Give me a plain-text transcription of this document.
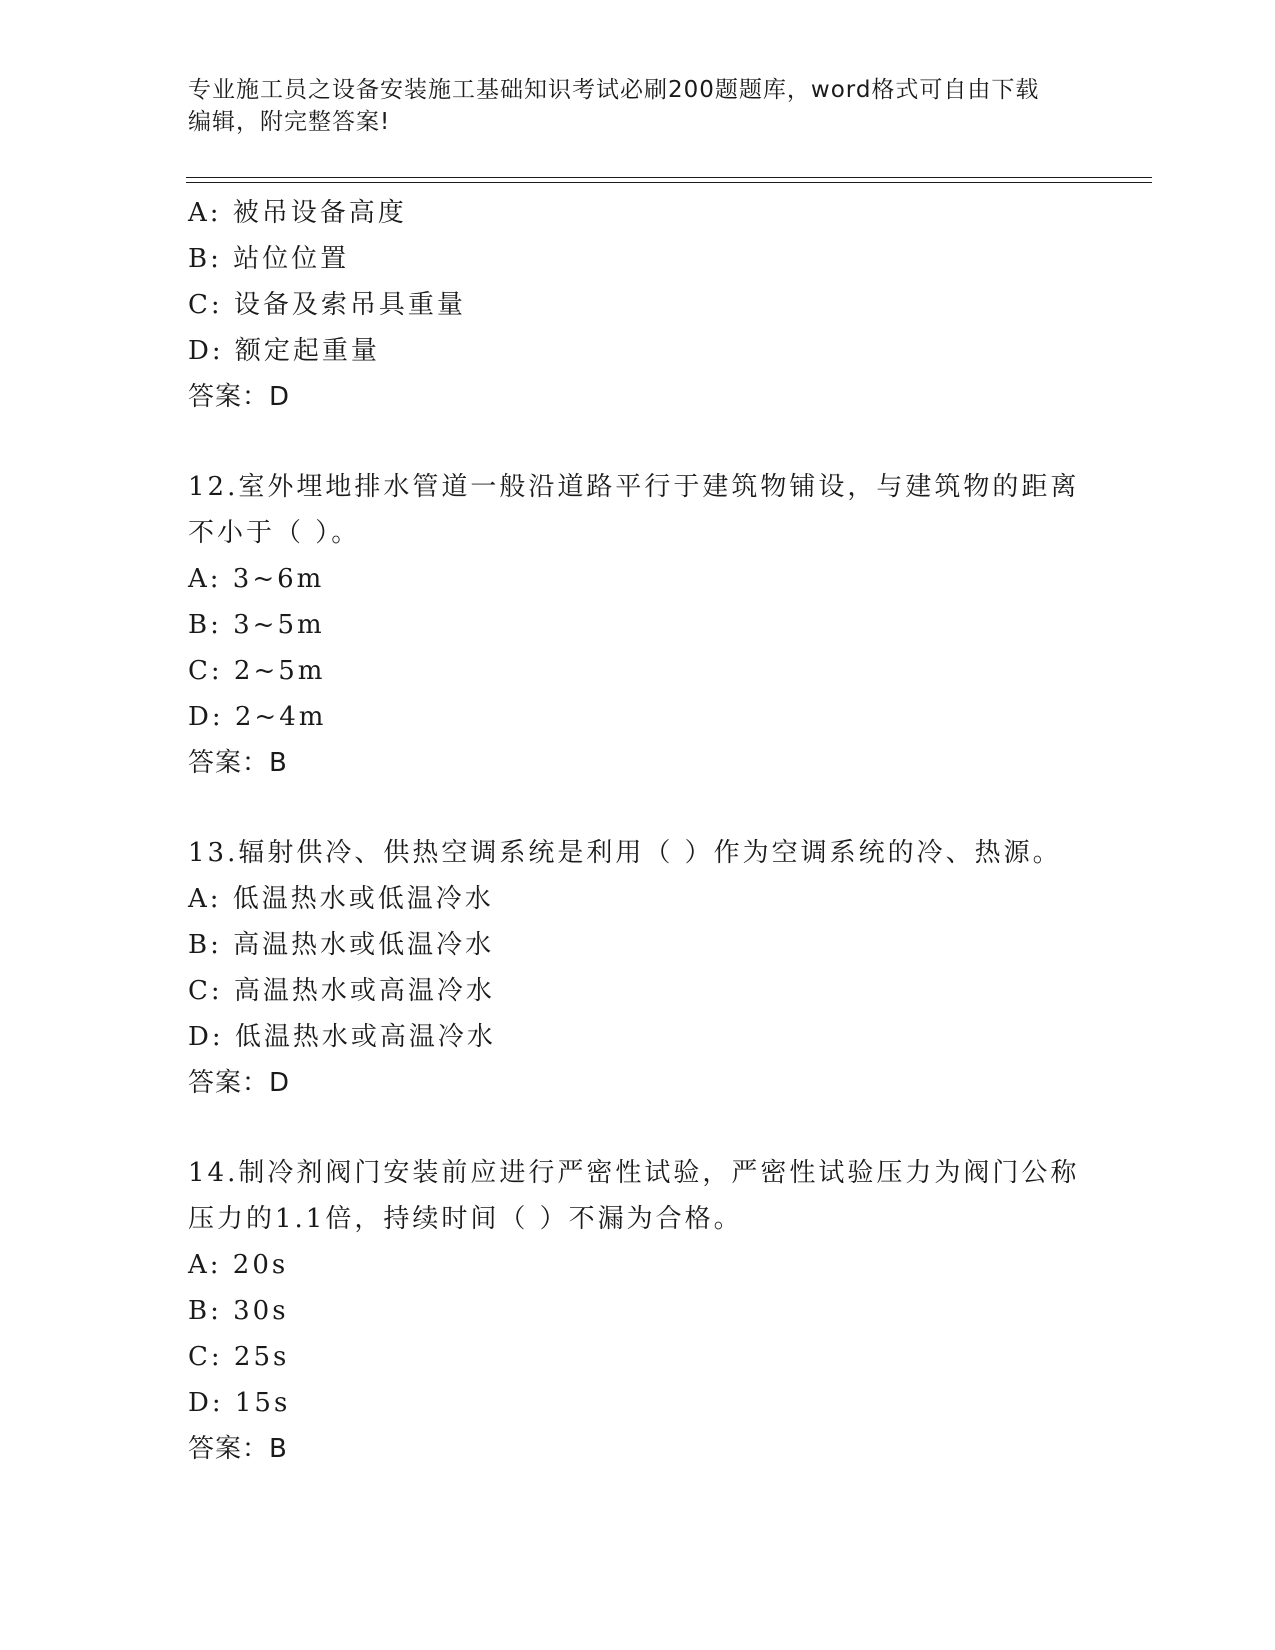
专业施工员之设备安装施工基础知识考试必刷200题题库，word格式可自由下载
编辑，附完整答案!
A: 被吊设备高度
B: 站位位置
C: 设备及索吊具重量
D: 额定起重量
答案：D
12.室外埋地排水管道一般沿道路平行于建筑物铺设，与建筑物的距离
不小于（ ）。
A: 3~6m
B: 3~5m
C: 2~5m
D: 2~4m
答案：B
13.辐射供冷、供热空调系统是利用（ ）作为空调系统的冷、热源。
A: 低温热水或低温冷水
B: 高温热水或低温冷水
C: 高温热水或高温冷水
D: 低温热水或高温冷水
答案：D
14.制冷剂阀门安装前应进行严密性试验，严密性试验压力为阀门公称
压力的1.1倍，持续时间（ ）不漏为合格。
A: 20s
B: 30s
C: 25s
D: 15s
答案：B
